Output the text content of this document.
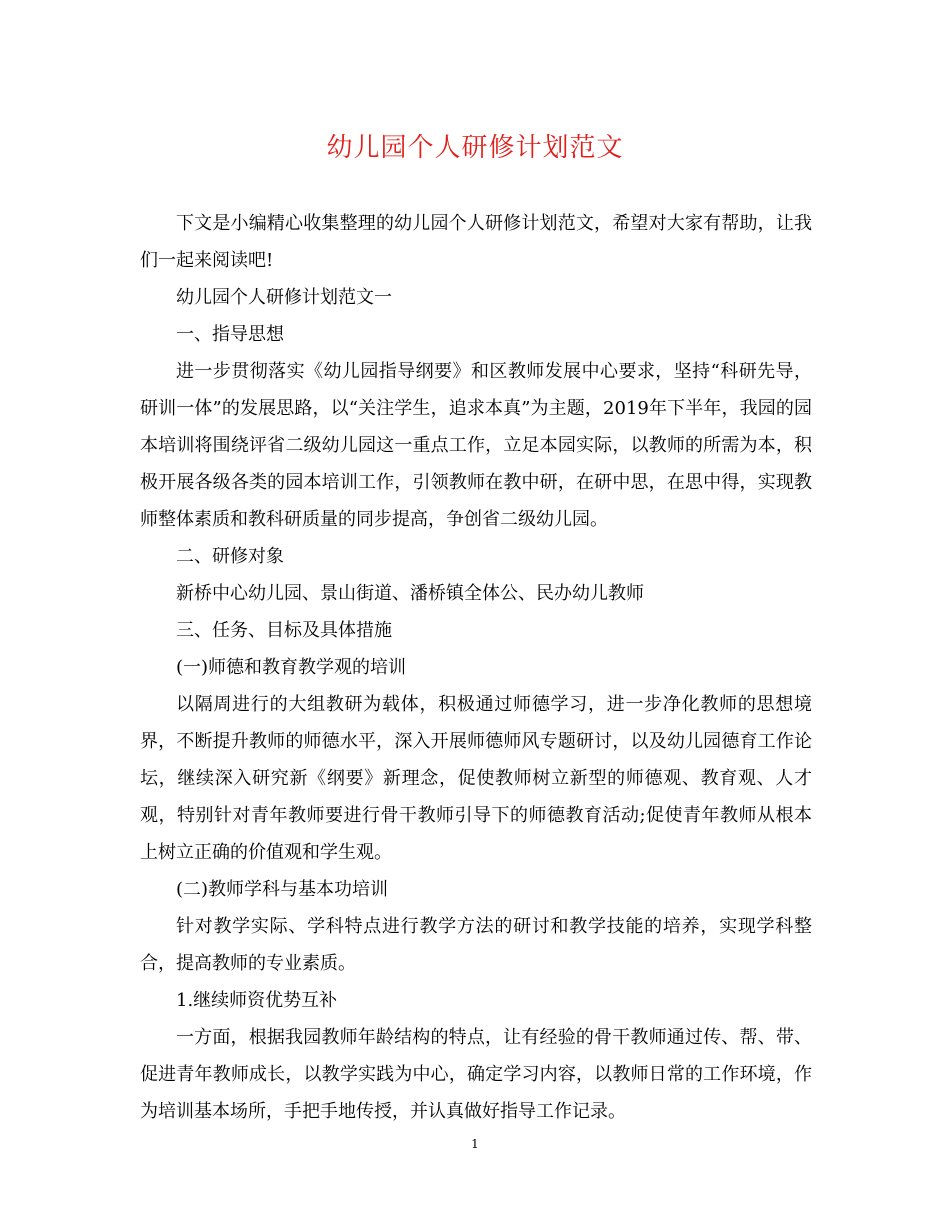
幼儿园个人研修计划范文

下文是小编精心收集整理的幼儿园个人研修计划范文，希望对大家有帮助，让我们一起来阅读吧!

幼儿园个人研修计划范文一

一、指导思想

进一步贯彻落实《幼儿园指导纲要》和区教师发展中心要求，坚持“科研先导，研训一体”的发展思路，以“关注学生，追求本真”为主题，2019年下半年，我园的园本培训将围绕评省二级幼儿园这一重点工作，立足本园实际，以教师的所需为本，积极开展各级各类的园本培训工作，引领教师在教中研，在研中思，在思中得，实现教师整体素质和教科研质量的同步提高，争创省二级幼儿园。

二、研修对象

新桥中心幼儿园、景山街道、潘桥镇全体公、民办幼儿教师

三、任务、目标及具体措施

(一)师德和教育教学观的培训

以隔周进行的大组教研为载体，积极通过师德学习，进一步净化教师的思想境界，不断提升教师的师德水平，深入开展师德师风专题研讨，以及幼儿园德育工作论坛，继续深入研究新《纲要》新理念，促使教师树立新型的师德观、教育观、人才观，特别针对青年教师要进行骨干教师引导下的师德教育活动;促使青年教师从根本上树立正确的价值观和学生观。

(二)教师学科与基本功培训

针对教学实际、学科特点进行教学方法的研讨和教学技能的培养，实现学科整合，提高教师的专业素质。

1.继续师资优势互补

一方面，根据我园教师年龄结构的特点，让有经验的骨干教师通过传、帮、带、促进青年教师成长，以教学实践为中心，确定学习内容，以教师日常的工作环境，作为培训基本场所，手把手地传授，并认真做好指导工作记录。

1
